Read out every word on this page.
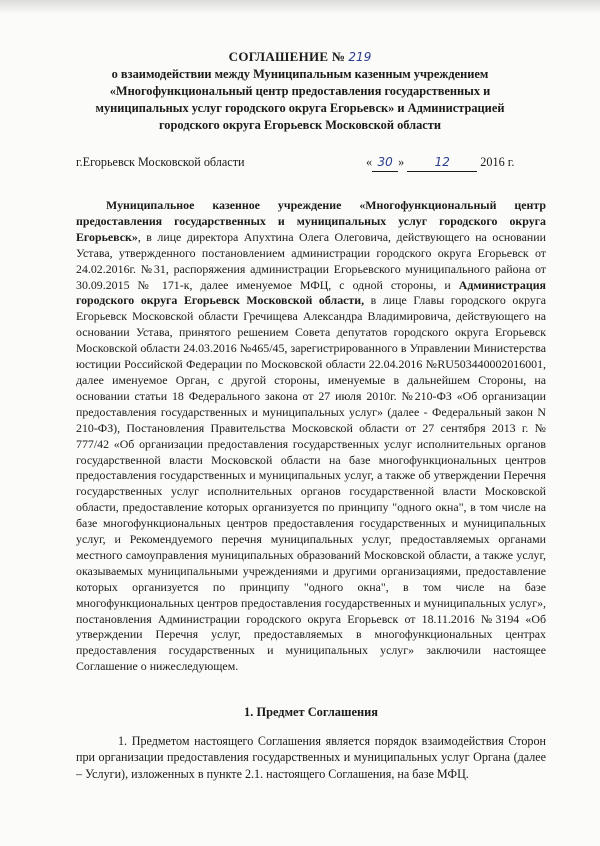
СОГЛАШЕНИЕ № 219
о взаимодействии между Муниципальным казенным учреждением
«Многофункциональный центр предоставления государственных и
муниципальных услуг городского округа Егорьевск» и Администрацией
городского округа Егорьевск Московской области
г.Егорьевск Московской области	« 30 »	12 2016 г.

Муниципальное казенное учреждение «Многофункциональный центр предоставления государственных и муниципальных услуг городского округа Егорьевск», в лице директора Апухтина Олега Олеговича, действующего на основании Устава, утвержденного постановлением администрации городского округа Егорьевск от 24.02.2016г. №31, распоряжения администрации Егорьевского муниципального района от 30.09.2015 № 171-к, далее именуемое МФЦ, с одной стороны, и Администрация городского округа Егорьевск Московской области, в лице Главы городского округа Егорьевск Московской области Гречищева Александра Владимировича, действующего на основании Устава, принятого решением Совета депутатов городского округа Егорьевск Московской области 24.03.2016 №465/45, зарегистрированного в Управлении Министерства юстиции Российской Федерации по Московской области 22.04.2016 №RU503440002016001, далее именуемое Орган, с другой стороны, именуемые в дальнейшем Стороны, на основании статьи 18 Федерального закона от 27 июля 2010г. №210-ФЗ «Об организации предоставления государственных и муниципальных услуг» (далее - Федеральный закон N 210-ФЗ), Постановления Правительства Московской области от 27 сентября 2013 г. № 777/42 «Об организации предоставления государственных услуг исполнительных органов государственной власти Московской области на базе многофункциональных центров предоставления государственных и муниципальных услуг, а также об утверждении Перечня государственных услуг исполнительных органов государственной власти Московской области, предоставление которых организуется по принципу "одного окна", в том числе на базе многофункциональных центров предоставления государственных и муниципальных услуг, и Рекомендуемого перечня муниципальных услуг, предоставляемых органами местного самоуправления муниципальных образований Московской области, а также услуг, оказываемых муниципальными учреждениями и другими организациями, предоставление которых организуется по принципу "одного окна", в том числе на базе многофункциональных центров предоставления государственных и муниципальных услуг», постановления Администрации городского округа Егорьевск от 18.11.2016 №3194 «Об утверждении Перечня услуг, предоставляемых в многофункциональных центрах предоставления государственных и муниципальных услуг» заключили настоящее Соглашение о нижеследующем.

1. Предмет Соглашения

1. Предметом настоящего Соглашения является порядок взаимодействия Сторон при организации предоставления государственных и муниципальных услуг Органа (далее – Услуги), изложенных в пункте 2.1. настоящего Соглашения, на базе МФЦ.
